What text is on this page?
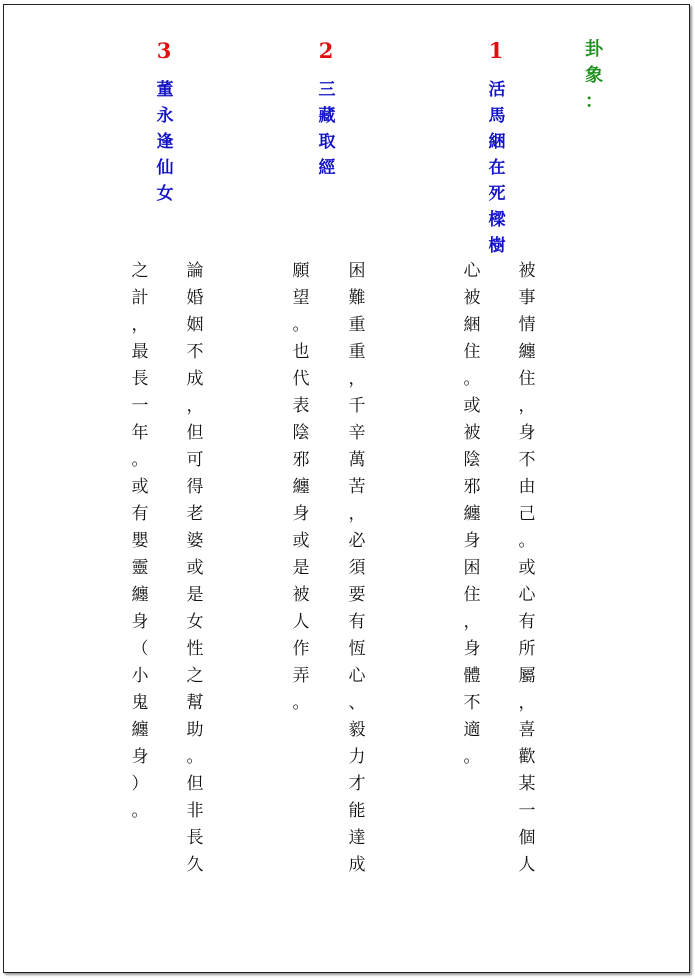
卦
象
：
1
活
馬
綑
在
死
樑
樹
被
事
情
纏
住
，
身
不
由
己
。
或
心
有
所
屬
，
喜
歡
某
一
個
人
心
被
綑
住
。
或
被
陰
邪
纏
身
困
住
，
身
體
不
適
。
2
三
藏
取
經
困
難
重
重
，
千
辛
萬
苦
，
必
須
要
有
恆
心
、
毅
力
才
能
達
成
願
望
。
也
代
表
陰
邪
纏
身
或
是
被
人
作
弄
。
3
董
永
逢
仙
女
論
婚
姻
不
成
，
但
可
得
老
婆
或
是
女
性
之
幫
助
。
但
非
長
久
之
計
，
最
長
一
年
。
或
有
嬰
靈
纏
身
（
小
鬼
纏
身
）
。
